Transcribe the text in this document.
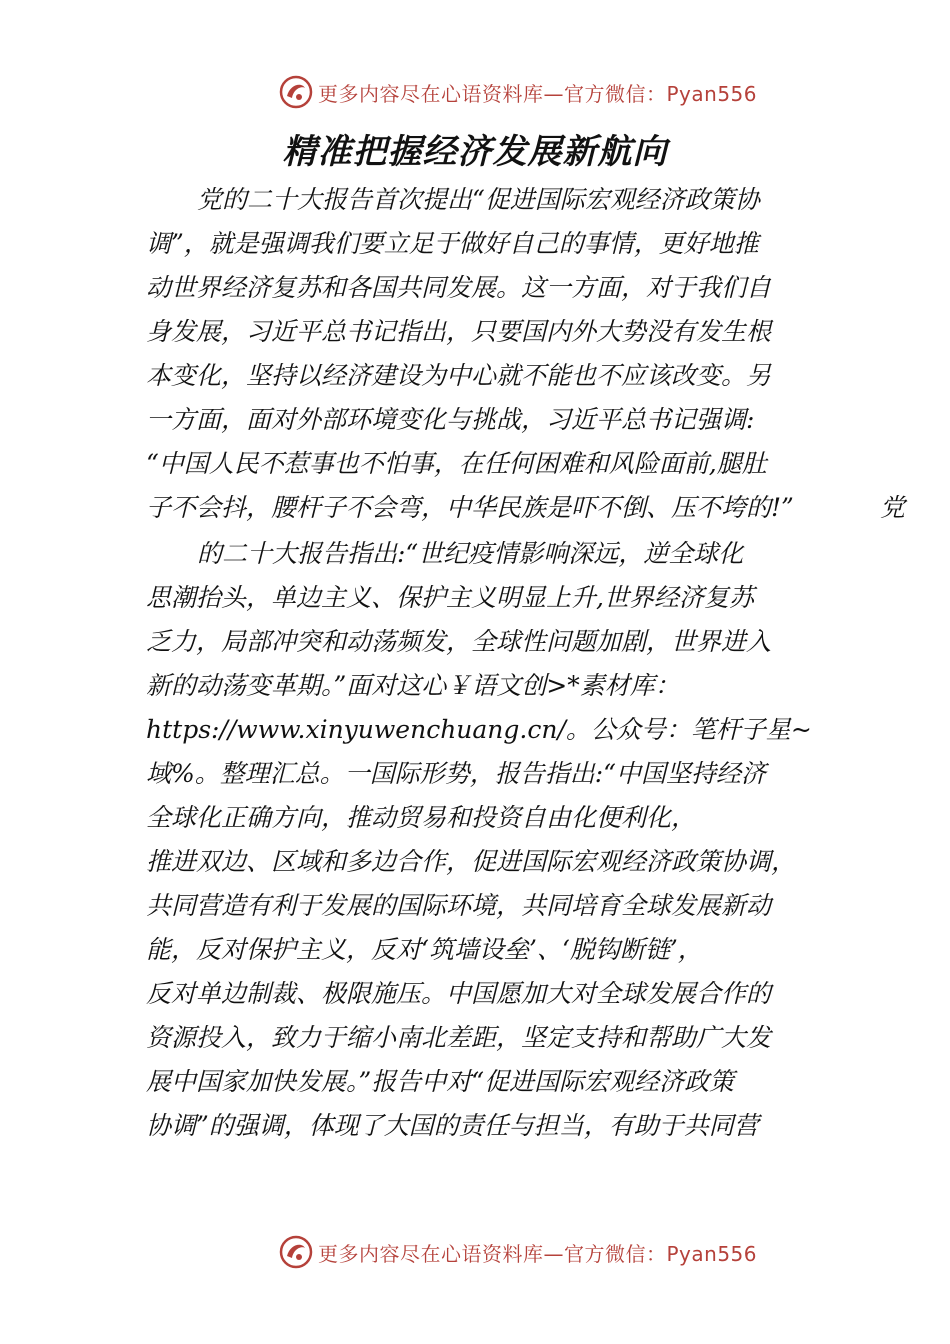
更多内容尽在心语资料库—官方微信：Pyan556
精准把握经济发展新航向
党的二十大报告首次提出“促进国际宏观经济政策协
调”，就是强调我们要立足于做好自己的事情，更好地推
动世界经济复苏和各国共同发展。这一方面，对于我们自
身发展，习近平总书记指出，只要国内外大势没有发生根
本变化，坚持以经济建设为中心就不能也不应该改变。另
一方面，面对外部环境变化与挑战，习近平总书记强调:
“中国人民不惹事也不怕事，在任何困难和风险面前,腿肚
子不会抖，腰杆子不会弯，中华民族是吓不倒、压不垮的!”	党
的二十大报告指出:“世纪疫情影响深远，逆全球化
思潮抬头，单边主义、保护主义明显上升,世界经济复苏
乏力，局部冲突和动荡频发，全球性问题加剧，世界进入
新的动荡变革期。”面对这心￥语文创>*素材库：
https://www.xinyuwenchuang.cn/。公众号：笔杆子星~
域%。整理汇总。一国际形势，报告指出:“中国坚持经济
全球化正确方向，推动贸易和投资自由化便利化，
推进双边、区域和多边合作，促进国际宏观经济政策协调，
共同营造有利于发展的国际环境，共同培育全球发展新动
能，反对保护主义，反对‘筑墙设垒’、‘脱钩断链’，
反对单边制裁、极限施压。中国愿加大对全球发展合作的
资源投入，致力于缩小南北差距，坚定支持和帮助广大发
展中国家加快发展。”报告中对“促进国际宏观经济政策
协调”的强调，体现了大国的责任与担当，有助于共同营
更多内容尽在心语资料库—官方微信：Pyan556
